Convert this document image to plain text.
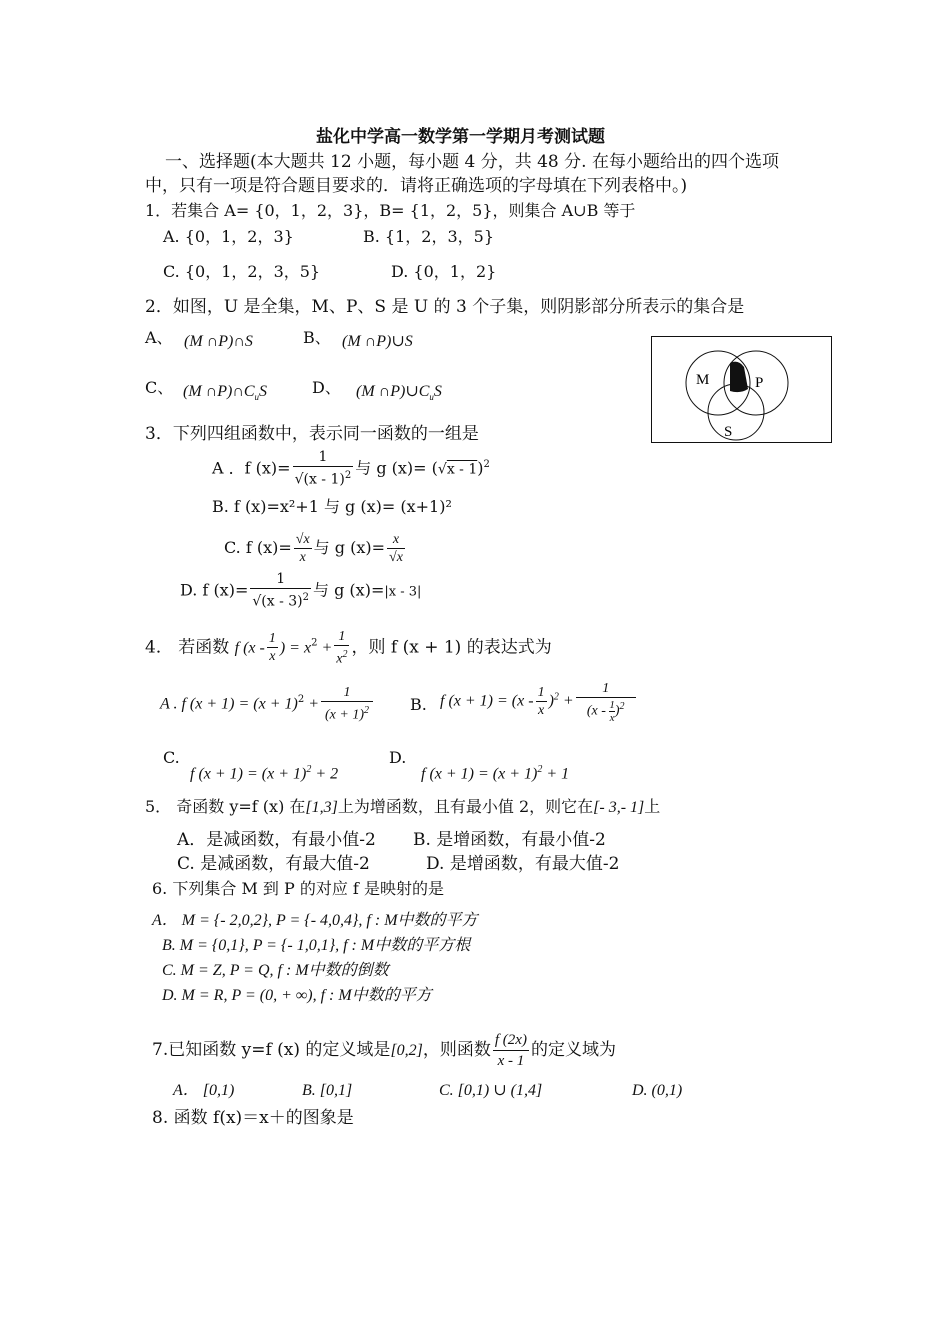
盐化中学高一数学第一学期月考测试题
一、选择题(本大题共 12 小题，每小题 4 分，共 48 分. 在每小题给出的四个选项
中，只有一项是符合题目要求的．请将正确选项的字母填在下列表格中。)
1．若集合 A= {0，1，2，3}，B= {1，2，5}，则集合 A∪B 等于
A. {0，1，2，3}	B. {1，2，3，5}
C. {0，1，2，3，5}	D. {0，1，2}
2．如图，U 是全集，M、P、S 是 U 的 3 个子集，则阴影部分所表示的集合是
A、 (M ∩P)∩S	B、 (M ∩P)∪S
C、 (M $\cap P)\cap C_uS$	D、 (M $\cap P)\cup C_uS$
M	P
S
3．下列四组函数中，表示同一函数的一组是
A ．f $(x)= \frac{1}{√(x - 1)^2}$ 与 g (x)= (√x - 1)$^2$
B. f (x)=x²+1 与 g (x)= (x+1)²
C. f $(x)= \frac{√x}{x}$ 与 g $(x)= \frac{x}{√x}$
D. f $(x)= \frac{1}{√(x - 3)^2}$ 与 g (x)=|x - 3|
4． 若函数 f ($x - \frac{1}{x}$ ) = $x^2 + \frac{1}{x^2}$ ，则 f (x + 1) 的表达式为
A . f $(x + 1) = (x + 1)^2 + \frac{1}{(x + 1)^2} B$. f $(x + 1) = (x - \frac{1}{x} )^2 + \frac{1}{(x - \frac{1}{x} )^2}$
C.
f $(x + 1) = (x + 1)^2 + 2$
D.
f $(x + 1) = (x + 1)^2 + 1$
5． 奇函数 y=f (x) 在[1,3]上为增函数，且有最小值 2，则它在[- 3,- 1]上
A．是减函数，有最小值-2 B. 是增函数，有最小值-2
C. 是减函数，有最大值-2	D. 是增函数，有最大值-2
6. 下列集合 M 到 P 的对应 f 是映射的是
A． M = {- 2,0,2}, P = {- 4,0,4}, f : M中数的平方
B. M = {0,1}, P = {- 1,0,1}, f : M中数的平方根
C. M = Z, P = Q, f : M中数的倒数
D. M = R, P = (0, + ∞), f : M中数的平方
7.已知函数 y=f (x) 的定义域是[0,2]，则函数 $\frac{f (2x)}{x - 1}$ 的定义域为
A． [0,1)	B. [0,1]	C. [0,1) ∪ (1,4]	D. (0,1)
8. 函数 f(x)＝x＋的图象是
